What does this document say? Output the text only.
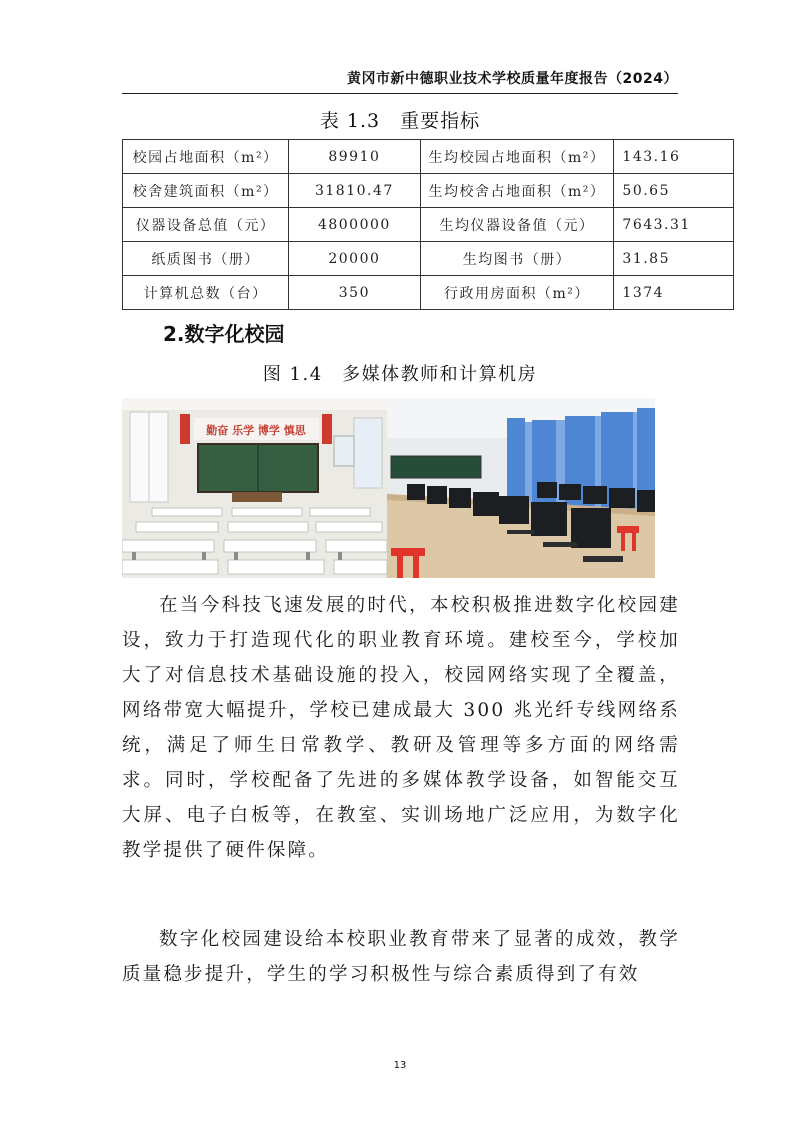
黄冈市新中德职业技术学校质量年度报告（2024）
表 1.3　重要指标
校园占地面积（m²）	89910	生均校园占地面积（m²）	143.16
校舍建筑面积（m²）	31810.47	生均校舍占地面积（m²）	50.65
仪器设备总值（元）	4800000	生均仪器设备值（元）	7643.31
纸质图书（册）	20000	生均图书（册）	31.85
计算机总数（台）	350	行政用房面积（m²）	1374
2.数字化校园
图 1.4　多媒体教师和计算机房
勤奋 乐学 博学 慎思

在当今科技飞速发展的时代，本校积极推进数字化校园建设，致力于打造现代化的职业教育环境。建校至今，学校加大了对信息技术基础设施的投入，校园网络实现了全覆盖，网络带宽大幅提升，学校已建成最大 300 兆光纤专线网络系统，满足了师生日常教学、教研及管理等多方面的网络需求。同时，学校配备了先进的多媒体教学设备，如智能交互大屏、电子白板等，在教室、实训场地广泛应用，为数字化教学提供了硬件保障。

数字化校园建设给本校职业教育带来了显著的成效，教学质量稳步提升，学生的学习积极性与综合素质得到了有效

13
